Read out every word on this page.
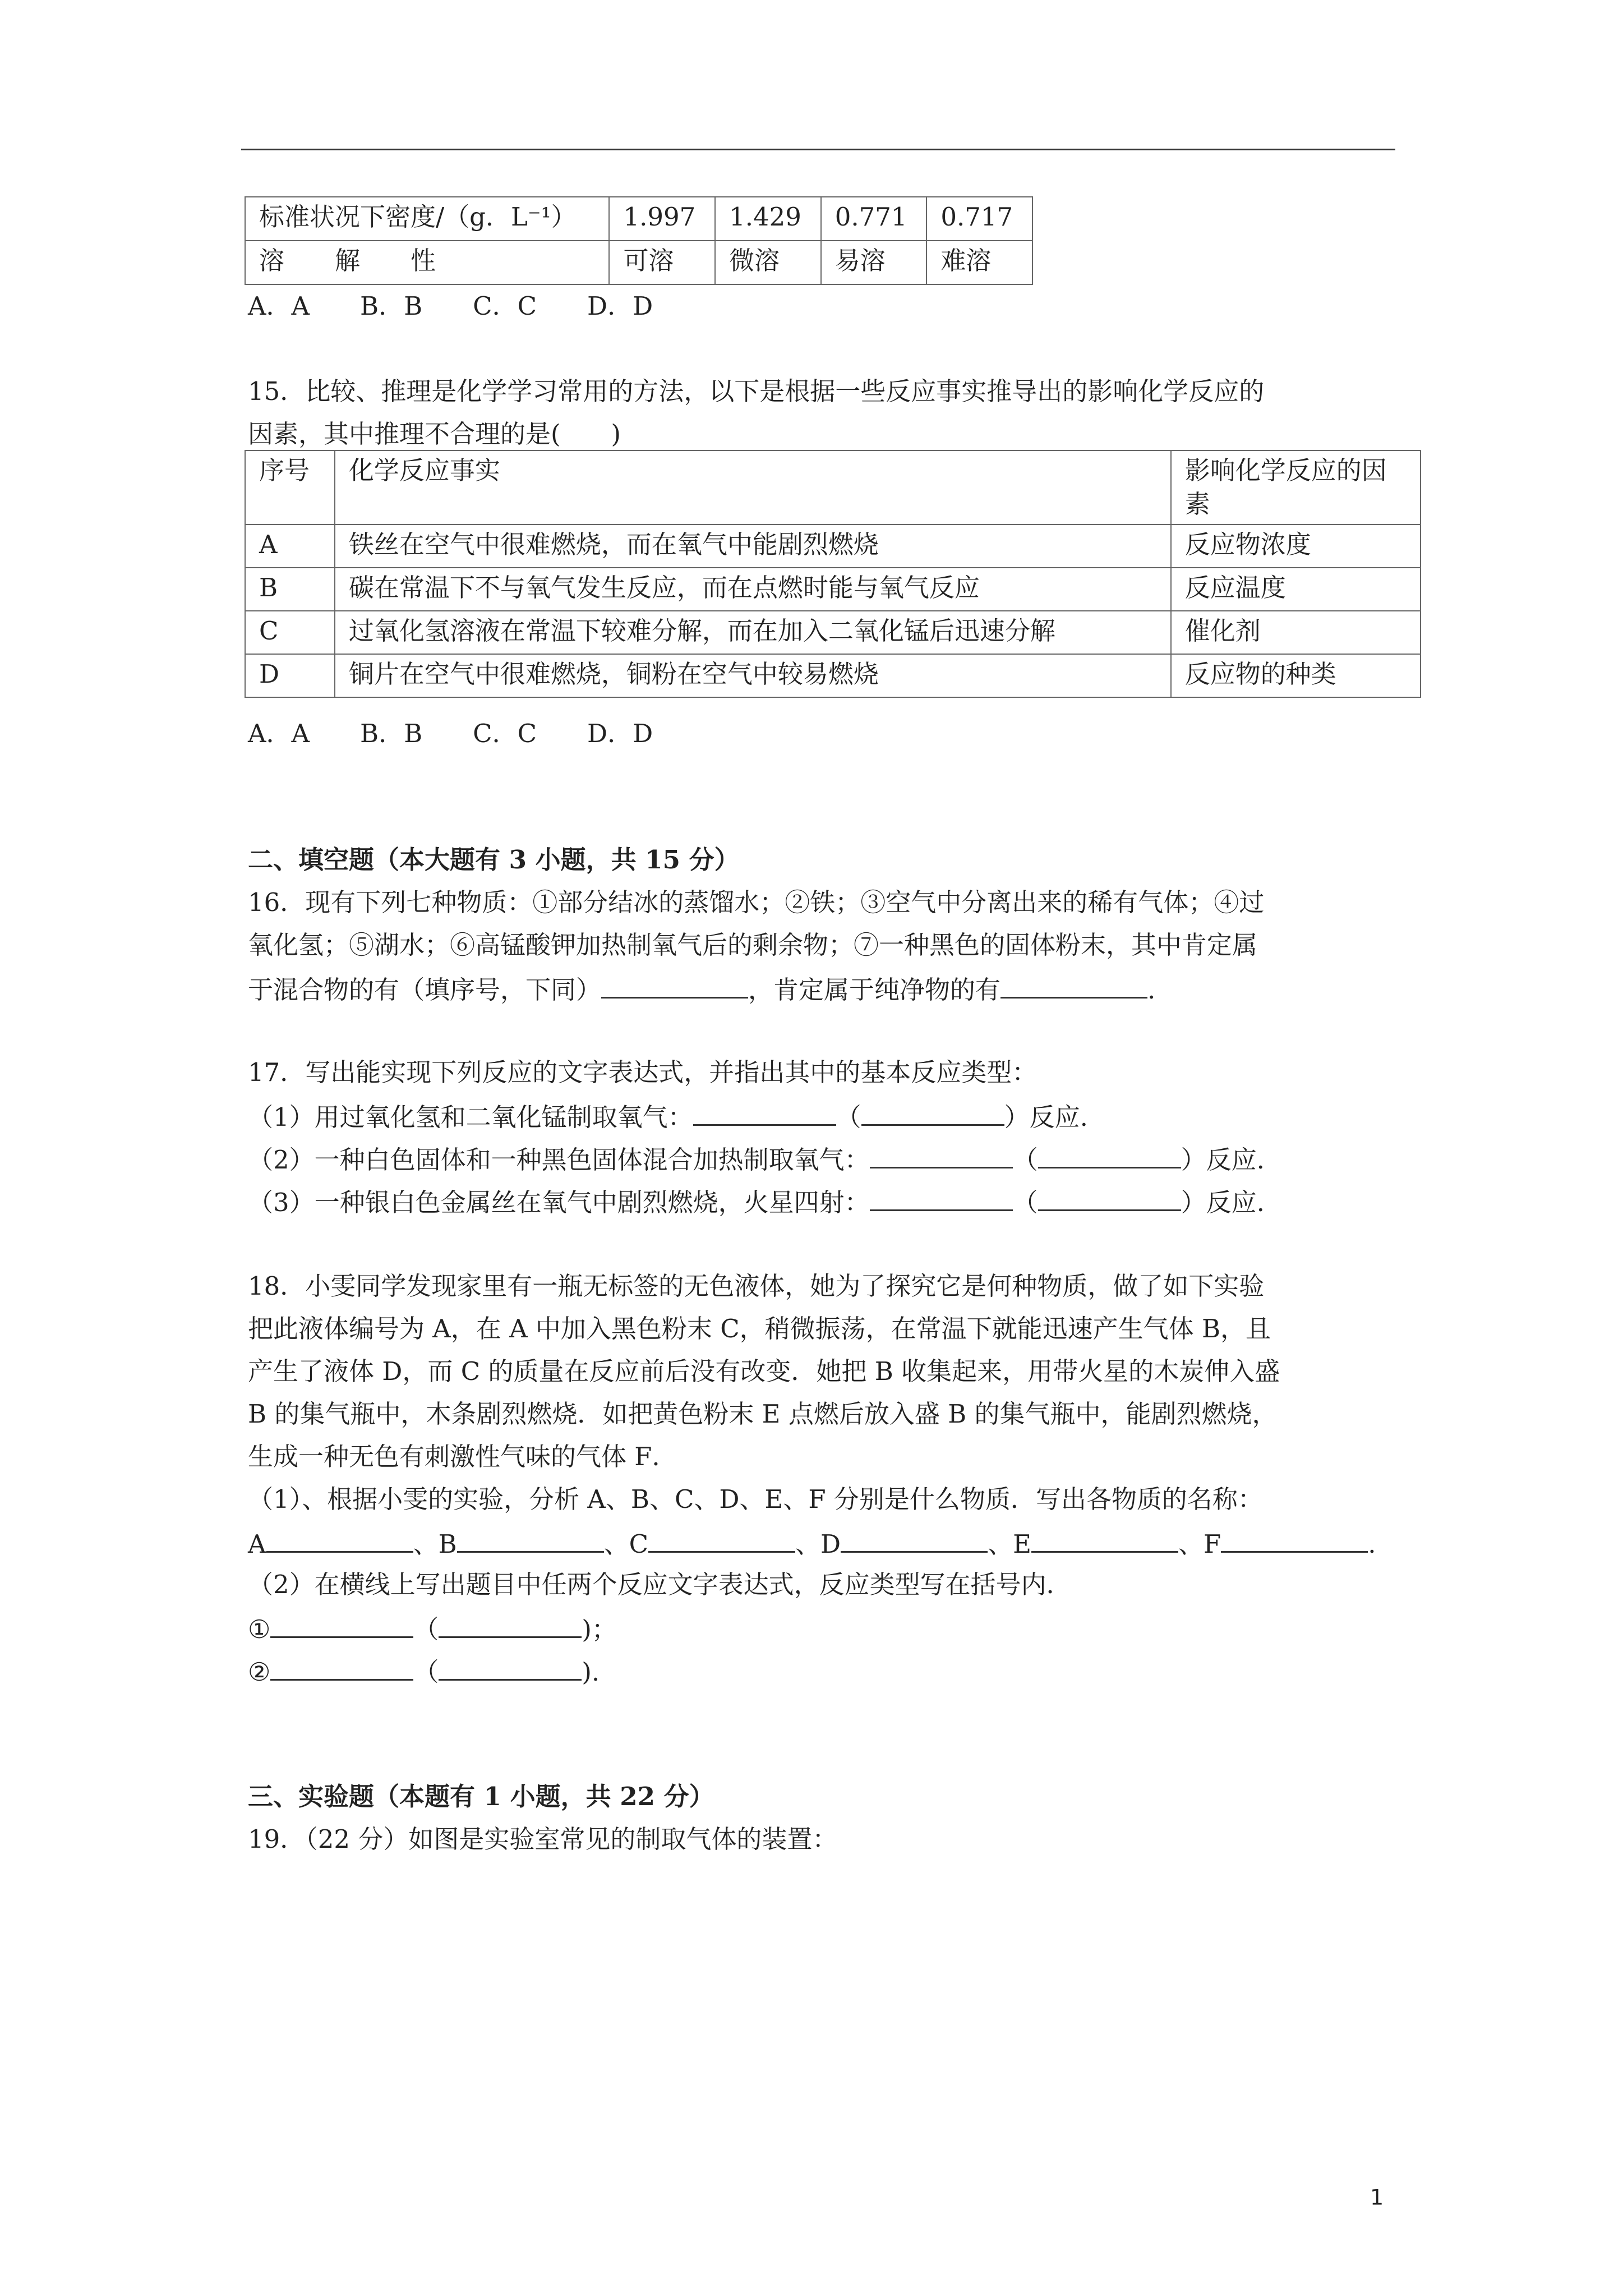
标准状况下密度/（g．L⁻¹）	1.997	1.429	0.771	0.717
溶　　解　　性	可溶	微溶	易溶	难溶
A．A　　B．B　　C．C　　D．D
15．比较、推理是化学学习常用的方法，以下是根据一些反应事实推导出的影响化学反应的
因素，其中推理不合理的是(　　)
序号	化学反应事实	影响化学反应的因素
A	铁丝在空气中很难燃烧，而在氧气中能剧烈燃烧	反应物浓度
B	碳在常温下不与氧气发生反应，而在点燃时能与氧气反应	反应温度
C	过氧化氢溶液在常温下较难分解，而在加入二氧化锰后迅速分解	催化剂
D	铜片在空气中很难燃烧，铜粉在空气中较易燃烧	反应物的种类
A．A　　B．B　　C．C　　D．D
二、填空题（本大题有 3 小题，共 15 分）
16．现有下列七种物质：①部分结冰的蒸馏水；②铁；③空气中分离出来的稀有气体；④过
氧化氢；⑤湖水；⑥高锰酸钾加热制氧气后的剩余物；⑦一种黑色的固体粉末，其中肯定属
于混合物的有（填序号，下同）	，肯定属于纯净物的有	.
17．写出能实现下列反应的文字表达式，并指出其中的基本反应类型：
（1）用过氧化氢和二氧化锰制取氧气：	（	）反应.
（2）一种白色固体和一种黑色固体混合加热制取氧气：	（	）反应.
（3）一种银白色金属丝在氧气中剧烈燃烧，火星四射：	（	）反应.
18．小雯同学发现家里有一瓶无标签的无色液体，她为了探究它是何种物质，做了如下实验
把此液体编号为 A，在 A 中加入黑色粉末 C，稍微振荡，在常温下就能迅速产生气体 B，且
产生了液体 D，而 C 的质量在反应前后没有改变．她把 B 收集起来，用带火星的木炭伸入盛
B 的集气瓶中，木条剧烈燃烧．如把黄色粉末 E 点燃后放入盛 B 的集气瓶中，能剧烈燃烧，
生成一种无色有刺激性气味的气体 F．
（1）、根据小雯的实验，分析 A、B、C、D、E、F 分别是什么物质．写出各物质的名称：
A	、B	、C	、D	、E	、F	.
（2）在横线上写出题目中任两个反应文字表达式，反应类型写在括号内．
①	（	)；
②	（	).
三、实验题（本题有 1 小题，共 22 分）
19．（22 分）如图是实验室常见的制取气体的装置：
1
